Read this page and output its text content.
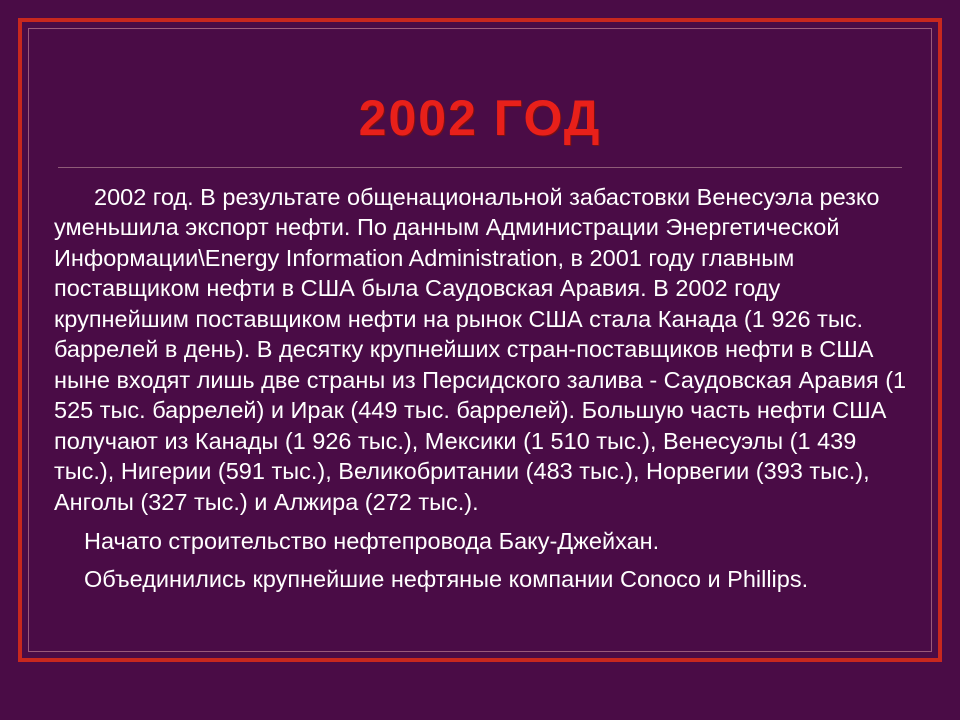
2002 ГОД

2002 год. В результате общенациональной забастовки Венесуэла резко уменьшила экспорт нефти. По данным Администрации Энергетической Информации\Energy Information Administration, в 2001 году главным поставщиком нефти в США была Саудовская Аравия. В 2002 году крупнейшим поставщиком нефти на рынок США стала Канада (1 926 тыс. баррелей в день). В десятку крупнейших стран-поставщиков нефти в США ныне входят лишь две страны из Персидского залива - Саудовская Аравия (1 525 тыс. баррелей) и Ирак (449 тыс. баррелей). Большую часть нефти США получают из Канады (1 926 тыс.), Мексики (1 510 тыс.), Венесуэлы (1 439 тыс.), Нигерии (591 тыс.), Великобритании (483 тыс.), Норвегии (393 тыс.), Анголы (327 тыс.) и Алжира (272 тыс.).

Начато строительство нефтепровода Баку-Джейхан.

Объединились крупнейшие нефтяные компании Conoco и Phillips.
